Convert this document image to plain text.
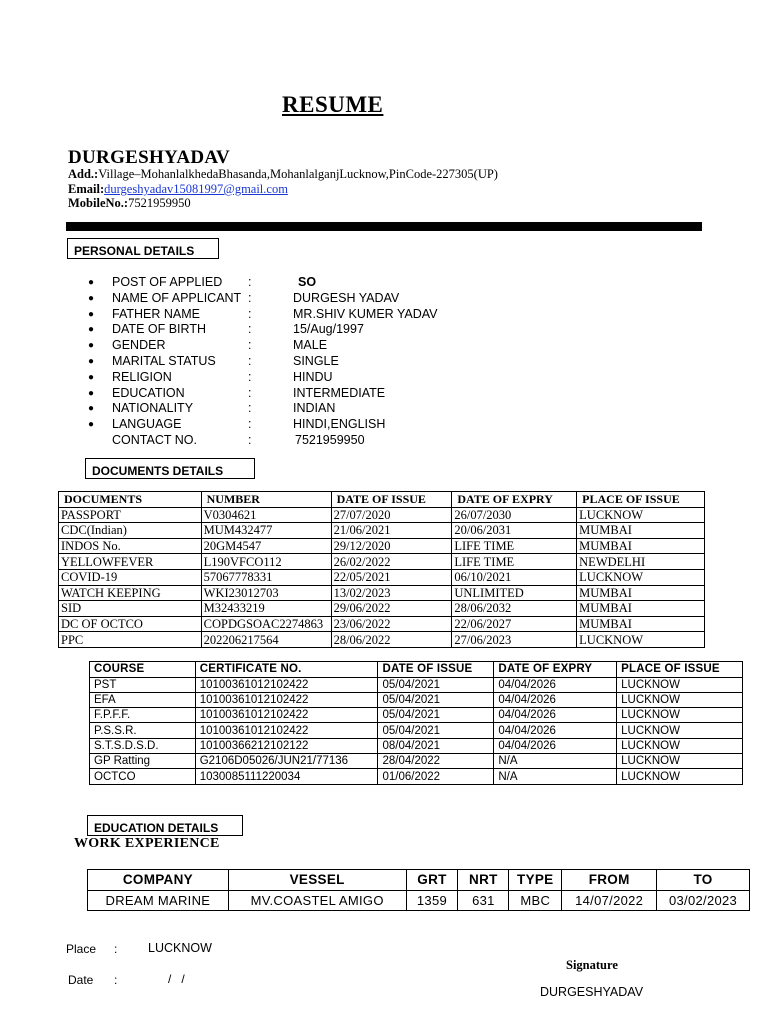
RESUME
DURGESHYADAV
Add.:Village–MohanlalkhedaBhasanda,MohanlalganjLucknow,PinCode-227305(UP)
Email:durgeshyadav15081997@gmail.com
MobileNo.:7521959950
PERSONAL DETAILS
● POST OF APPLIED :	SO
● NAME OF APPLICANT :	DURGESH YADAV
● FATHER NAME	:	MR.SHIV KUMER YADAV
● DATE OF BIRTH	:	15/Aug/1997
● GENDER	:	MALE
● MARITAL STATUS	:	SINGLE
● RELIGION	:	HINDU
● EDUCATION	:	INTERMEDIATE
● NATIONALITY	:	INDIAN
● LANGUAGE	:	HINDI,ENGLISH
CONTACT NO.	:	7521959950
DOCUMENTS DETAILS
DOCUMENTS	NUMBER	DATE OF ISSUE	DATE OF EXPRY	PLACE OF ISSUE
PASSPORT	V0304621	27/07/2020	26/07/2030	LUCKNOW
CDC(Indian)	MUM432477	21/06/2021	20/06/2031	MUMBAI
INDOS No.	20GM4547	29/12/2020	LIFE TIME	MUMBAI
YELLOWFEVER	L190VFCO112	26/02/2022	LIFE TIME	NEWDELHI
COVID-19	57067778331	22/05/2021	06/10/2021	LUCKNOW
WATCH KEEPING	WKI23012703	13/02/2023	UNLIMITED	MUMBAI
SID	M32433219	29/06/2022	28/06/2032	MUMBAI
DC OF OCTCO	COPDGSOAC2274863	23/06/2022	22/06/2027	MUMBAI
PPC	202206217564	28/06/2022	27/06/2023	LUCKNOW
COURSE	CERTIFICATE NO.	DATE OF ISSUE	DATE OF EXPRY	PLACE OF ISSUE
PST	10100361012102422	05/04/2021	04/04/2026	LUCKNOW
EFA	10100361012102422	05/04/2021	04/04/2026	LUCKNOW
F.P.F.F.	10100361012102422	05/04/2021	04/04/2026	LUCKNOW
P.S.S.R.	10100361012102422	05/04/2021	04/04/2026	LUCKNOW
S.T.S.D.S.D.	10100366212102122	08/04/2021	04/04/2026	LUCKNOW
GP Ratting	G2106D05026/JUN21/77136	28/04/2022	N/A	LUCKNOW
OCTCO	1030085111220034	01/06/2022	N/A	LUCKNOW
EDUCATION DETAILS
WORK EXPERIENCE
COMPANY	VESSEL	GRT	NRT	TYPE	FROM	TO
DREAM MARINE	MV.COASTEL AMIGO	1359	631	MBC	14/07/2022	03/02/2023
Place : LUCKNOW
Date :	/   /
Signature
DURGESHYADAV
